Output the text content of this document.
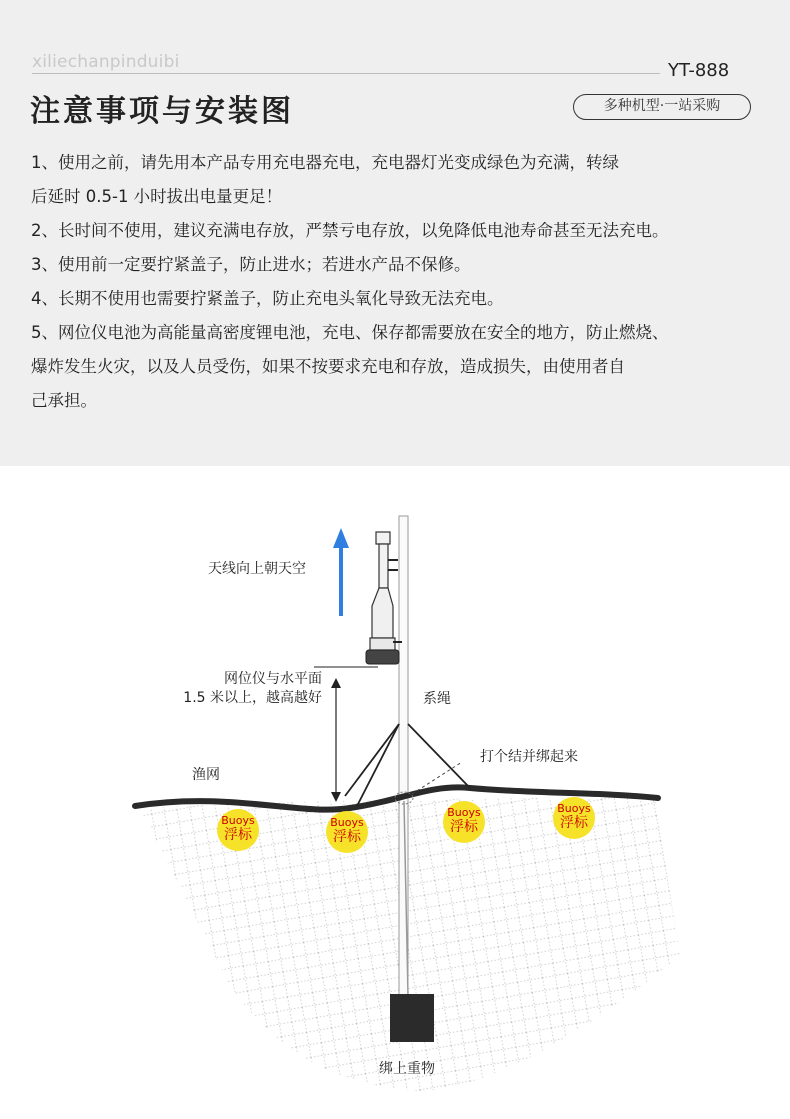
xiliechanpinduibi	YT-888
注意事项与安装图	多种机型·一站采购
1、使用之前，请先用本产品专用充电器充电，充电器灯光变成绿色为充满，转绿
后延时 0.5-1 小时拔出电量更足！
2、长时间不使用，建议充满电存放，严禁亏电存放，以免降低电池寿命甚至无法充电。
3、使用前一定要拧紧盖子，防止进水；若进水产品不保修。
4、长期不使用也需要拧紧盖子，防止充电头氧化导致无法充电。
5、网位仪电池为高能量高密度锂电池，充电、保存都需要放在安全的地方，防止燃烧、
爆炸发生火灾，以及人员受伤，如果不按要求充电和存放，造成损失，由使用者自
己承担。
天线向上朝天空
网位仪与水平面
1.5 米以上，越高越好	系绳
打个结并绑起来
渔网
绑上重物
Buoys
浮标
Buoys
浮标
Buoys
浮标
Buoys
浮标
